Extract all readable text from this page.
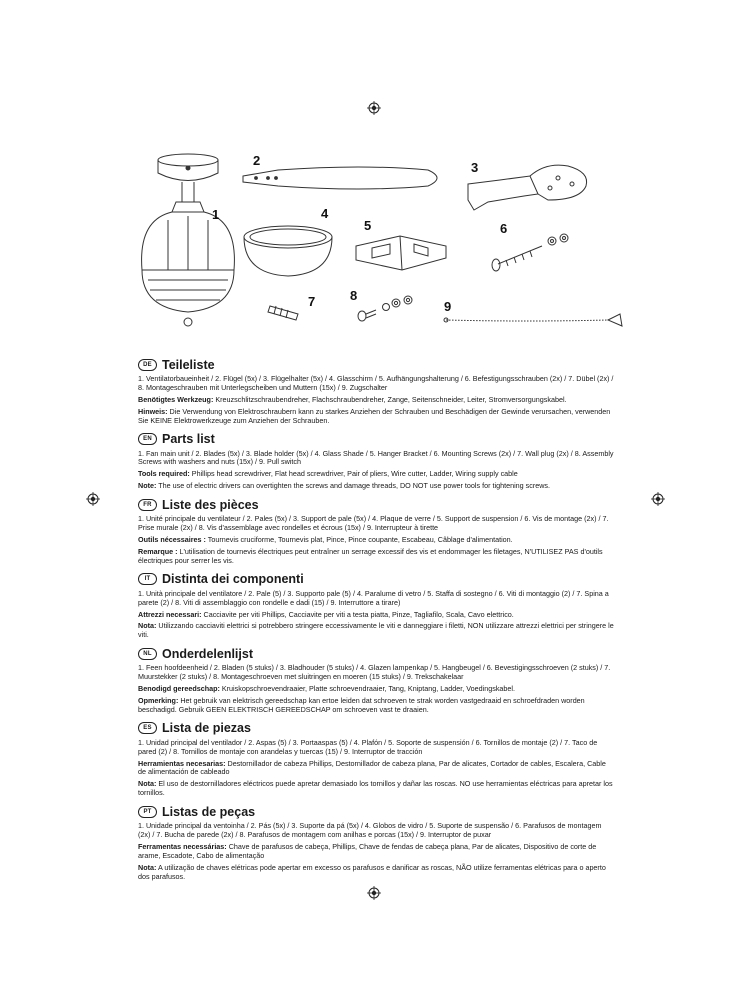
1
2	3
4
5	6
7	8
9
DE Teileliste

1. Ventilatorbaueinheit / 2. Flügel (5x) / 3. Flügelhalter (5x) / 4. Glasschirm / 5. Aufhängungshalterung / 6. Befestigungsschrauben (2x) / 7. Dübel (2x) / 8. Montageschrauben mit Unterlegscheiben und Muttern (15x) / 9. Zugschalter

Benötigtes Werkzeug: Kreuzschlitzschraubendreher, Flachschraubendreher, Zange, Seitenschneider, Leiter, Stromversorgungskabel.

Hinweis: Die Verwendung von Elektroschraubern kann zu starkes Anziehen der Schrauben und Beschädigen der Gewinde verursachen, verwenden Sie KEINE Elektrowerkzeuge zum Anziehen der Schrauben.

EN Parts list

1. Fan main unit / 2. Blades (5x) / 3. Blade holder (5x) / 4. Glass Shade / 5. Hanger Bracket / 6. Mounting Screws (2x) / 7. Wall plug (2x) / 8. Assembly Screws with washers and nuts (15x) / 9. Pull switch

Tools required: Phillips head screwdriver, Flat head screwdriver, Pair of pliers, Wire cutter, Ladder, Wiring supply cable

Note: The use of electric drivers can overtighten the screws and damage threads, DO NOT use power tools for tightening screws.

FR Liste des pièces

1. Unité principale du ventilateur / 2. Pales (5x) / 3. Support de pale (5x) / 4. Plaque de verre / 5. Support de suspension / 6. Vis de montage (2x) / 7. Prise murale (2x) / 8. Vis d'assemblage avec rondelles et écrous (15x) / 9. Interrupteur à tirette

Outils nécessaires : Tournevis cruciforme, Tournevis plat, Pince, Pince coupante, Escabeau, Câblage d'alimentation.

Remarque : L'utilisation de tournevis électriques peut entraîner un serrage excessif des vis et endommager les filetages, N'UTILISEZ PAS d'outils électriques pour serrer les vis.

IT Distinta dei componenti

1. Unità principale del ventilatore / 2. Pale (5) / 3. Supporto pale (5) / 4. Paralume di vetro / 5. Staffa di sostegno / 6. Viti di montaggio (2) / 7. Spina a parete (2) / 8. Viti di assemblaggio con rondelle e dadi (15) / 9. Interruttore a tirare)

Attrezzi necessari: Cacciavite per viti Phillips, Cacciavite per viti a testa piatta, Pinze, Tagliafilo, Scala, Cavo elettrico.

Nota: Utilizzando cacciaviti elettrici si potrebbero stringere eccessivamente le viti e danneggiare i filetti, NON utilizzare attrezzi elettrici per stringere le viti.

NL Onderdelenlijst

1. Feen hoofdeenheid / 2. Bladen (5 stuks) / 3. Bladhouder (5 stuks) / 4. Glazen lampenkap / 5. Hangbeugel / 6. Bevestigingsschroeven (2 stuks) / 7. Muurstekker (2 stuks) / 8. Montageschroeven met sluitringen en moeren (15 stuks) / 9. Trekschakelaar

Benodigd gereedschap: Kruiskopschroevendraaier, Platte schroevendraaier, Tang, Kniptang, Ladder, Voedingskabel.

Opmerking: Het gebruik van elektrisch gereedschap kan ertoe leiden dat schroeven te strak worden vastgedraaid en schroefdraden worden beschadigd. Gebruik GEEN ELEKTRISCH GEREEDSCHAP om schroeven vast te draaien.

ES Lista de piezas

1. Unidad principal del ventilador / 2. Aspas (5) / 3. Portaaspas (5) / 4. Plafón / 5. Soporte de suspensión / 6. Tornillos de montaje (2) / 7. Taco de pared (2) / 8. Tornillos de montaje con arandelas y tuercas (15) / 9. Interruptor de tracción

Herramientas necesarias: Destornillador de cabeza Phillips, Destornillador de cabeza plana, Par de alicates, Cortador de cables, Escalera, Cable de alimentación de cableado

Nota: El uso de destornilladores eléctricos puede apretar demasiado los tornillos y dañar las roscas. NO use herramientas eléctricas para apretar los tornillos.

PT Listas de peças

1. Unidade principal da ventoinha / 2. Pás (5x) / 3. Suporte da pá (5x) / 4. Globos de vidro / 5. Suporte de suspensão / 6. Parafusos de montagem (2x) / 7. Bucha de parede (2x) / 8. Parafusos de montagem com anilhas e porcas (15x) / 9. Interruptor de puxar

Ferramentas necessárias: Chave de parafusos de cabeça, Phillips, Chave de fendas de cabeça plana, Par de alicates, Dispositivo de corte de arame, Escadote, Cabo de alimentação

Nota: A utilização de chaves elétricas pode apertar em excesso os parafusos e danificar as roscas, NÃO utilize ferramentas elétricas para o aperto dos parafusos.
